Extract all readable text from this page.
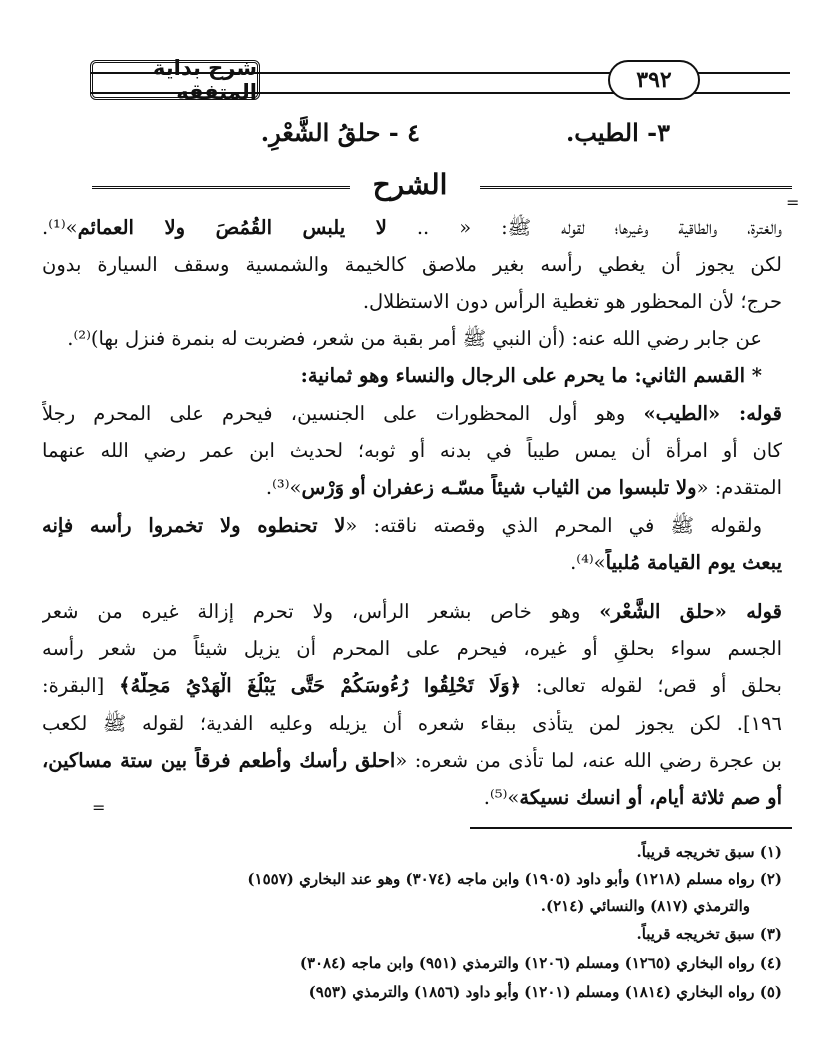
شرح بداية المتفقه	٣٩٢
٣- الطيب.
٤ - حلقُ الشَّعْرِ.
الشرح
=
والغترة، والطاقية وغيرها؛ لقوله ﷺ: « .. لا يلبس القُمُصَ ولا العمائم»⁽¹⁾.
لكن يجوز أن يغطي رأسه بغير ملاصق كالخيمة والشمسية وسقف السيارة بدون
حرج؛ لأن المحظور هو تغطية الرأس دون الاستظلال.
عن جابر رضي الله عنه: (أن النبي ﷺ أمر بقبة من شعر، فضربت له بنمرة فنزل بها)⁽²⁾.
* القسم الثاني: ما يحرم على الرجال والنساء وهو ثمانية:
قوله: «الطيب» وهو أول المحظورات على الجنسين، فيحرم على المحرم رجلاً
كان أو امرأة أن يمس طيباً في بدنه أو ثوبه؛ لحديث ابن عمر رضي الله عنهما
المتقدم: «ولا تلبسوا من الثياب شيئاً مسّـه زعفران أو وَرْس»⁽³⁾.
ولقوله ﷺ في المحرم الذي وقصته ناقته: «لا تحنطوه ولا تخمروا رأسه فإنه
يبعث يوم القيامة مُلبياً»⁽⁴⁾.
قوله «حلق الشَّعْر» وهو خاص بشعر الرأس، ولا تحرم إزالة غيره من شعر
الجسم سواء بحلقٍ أو غيره، فيحرم على المحرم أن يزيل شيئاً من شعر رأسه
بحلق أو قص؛ لقوله تعالى: ﴿وَلَا تَحْلِقُوا رُءُوسَكُمْ حَتَّى يَبْلُغَ الْهَدْيُ مَحِلَّهُ﴾ [البقرة:
١٩٦]. لكن يجوز لمن يتأذى ببقاء شعره أن يزيله وعليه الفدية؛ لقوله ﷺ لكعب
بن عجرة رضي الله عنه، لما تأذى من شعره: «احلق رأسك وأطعم فرقاً بين ستة مساكين،
أو صم ثلاثة أيام، أو انسك نسيكة»⁽⁵⁾.
=
(١) سبق تخريجه قريباً.
(٢) رواه مسلم (١٢١٨) وأبو داود (١٩٠٥) وابن ماجه (٣٠٧٤) وهو عند البخاري (١٥٥٧)
والترمذي (٨١٧) والنسائي (٢١٤).
(٣) سبق تخريجه قريباً.
(٤) رواه البخاري (١٢٦٥) ومسلم (١٢٠٦) والترمذي (٩٥١) وابن ماجه (٣٠٨٤)
(٥) رواه البخاري (١٨١٤) ومسلم (١٢٠١) وأبو داود (١٨٥٦) والترمذي (٩٥٣)
